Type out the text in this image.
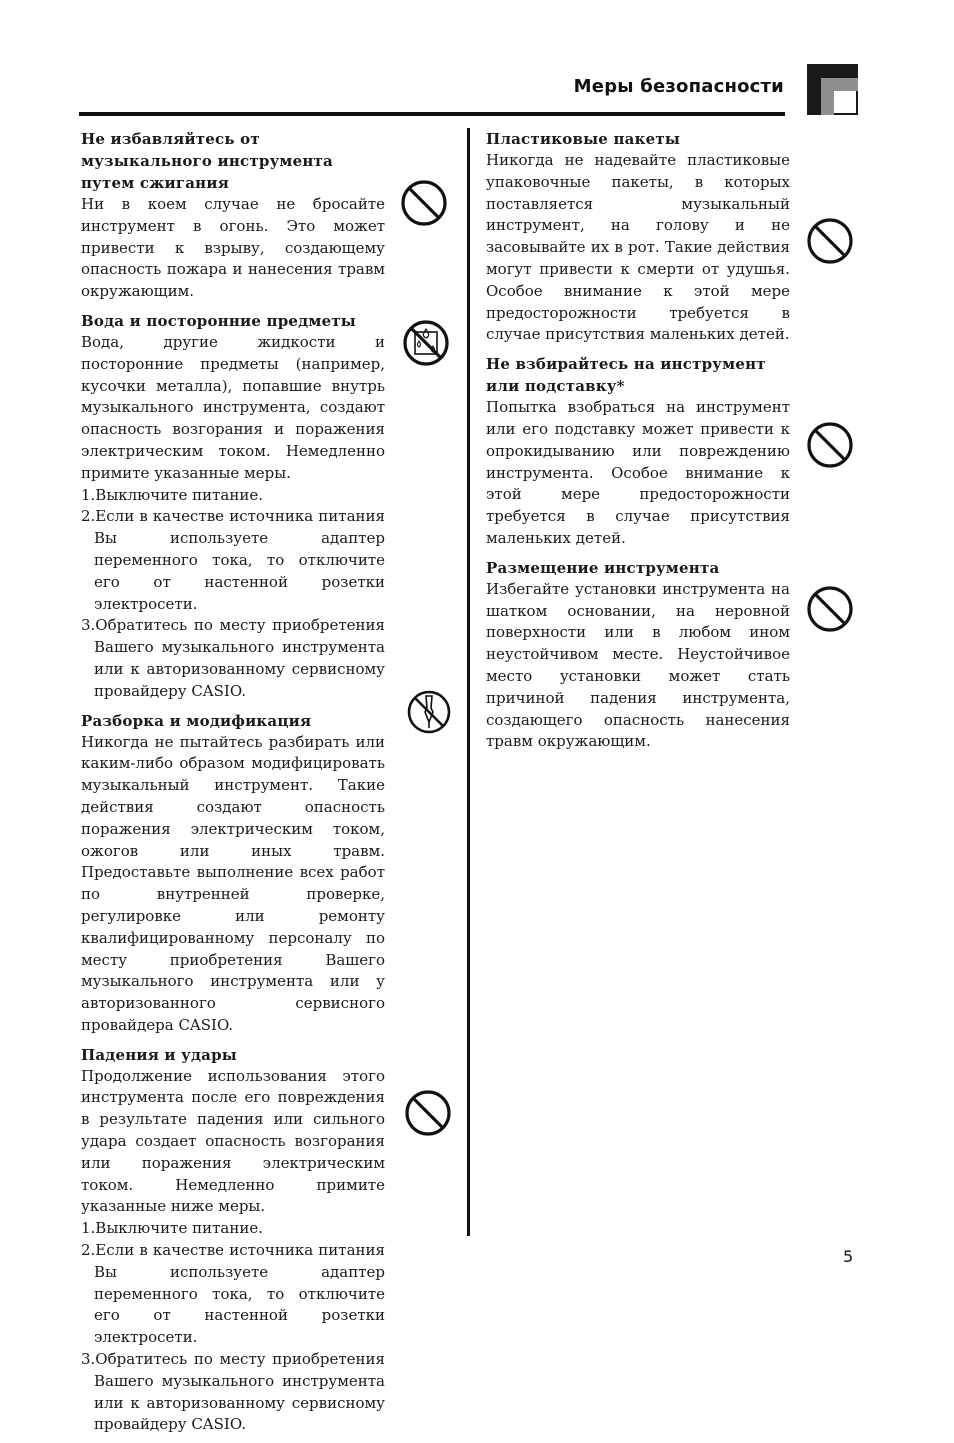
Меры безопасности
Не избавляйтесь от музыкального инструмента путем сжигания

Ни в коем случае не бросайте инструмент в огонь. Это может привести к взрыву, создающему опасность пожара и нанесения травм окружающим.

Вода и посторонние предметы

Вода, другие жидкости и посторонние предметы (например, кусочки металла), попавшие внутрь музыкального инструмента, создают опасность возгорания и поражения электрическим током. Немедленно примите указанные меры.

1.Выключите питание.
2.Если в качестве источника питания Вы используете адаптер переменного тока, то отключите его от настенной розетки электросети.
3.Обратитесь по месту приобретения Вашего музыкального инструмента или к авторизованному сервисному провайдеру CASIO.
Разборка и модификация

Никогда не пытайтесь разбирать или каким-либо образом модифицировать музыкальный инструмент. Такие действия создают опасность поражения электрическим током, ожогов или иных травм. Предоставьте выполнение всех работ по внутренней проверке, регулировке или ремонту квалифицированному персоналу по месту приобретения Вашего музыкального инструмента или у авторизованного сервисного провайдера CASIO.

Падения и удары

Продолжение использования этого инструмента после его повреждения в результате падения или сильного удара создает опасность возгорания или поражения электрическим током. Немедленно примите указанные ниже меры.

1.Выключите питание.
2.Если в качестве источника питания Вы используете адаптер переменного тока, то отключите его от настенной розетки электросети.
3.Обратитесь по месту приобретения Вашего музыкального инструмента или к авторизованному сервисному провайдеру CASIO.
Пластиковые пакеты

Никогда не надевайте пластиковые упаковочные пакеты, в которых поставляется музыкальный инструмент, на голову и не засовывайте их в рот. Такие действия могут привести к смерти от удушья. Особое внимание к этой мере предосторожности требуется в случае присутствия маленьких детей.

Не взбирайтесь на инструмент или подставку*

Попытка взобраться на инструмент или его подставку может привести к опрокидыванию или повреждению инструмента. Особое внимание к этой мере предосторожности требуется в случае присутствия маленьких детей.

Размещение инструмента

Избегайте установки инструмента на шатком основании, на неровной поверхности или в любом ином неустойчивом месте. Неустойчивое место установки может стать причиной падения инструмента, создающего опасность нанесения травм окружающим.

5
